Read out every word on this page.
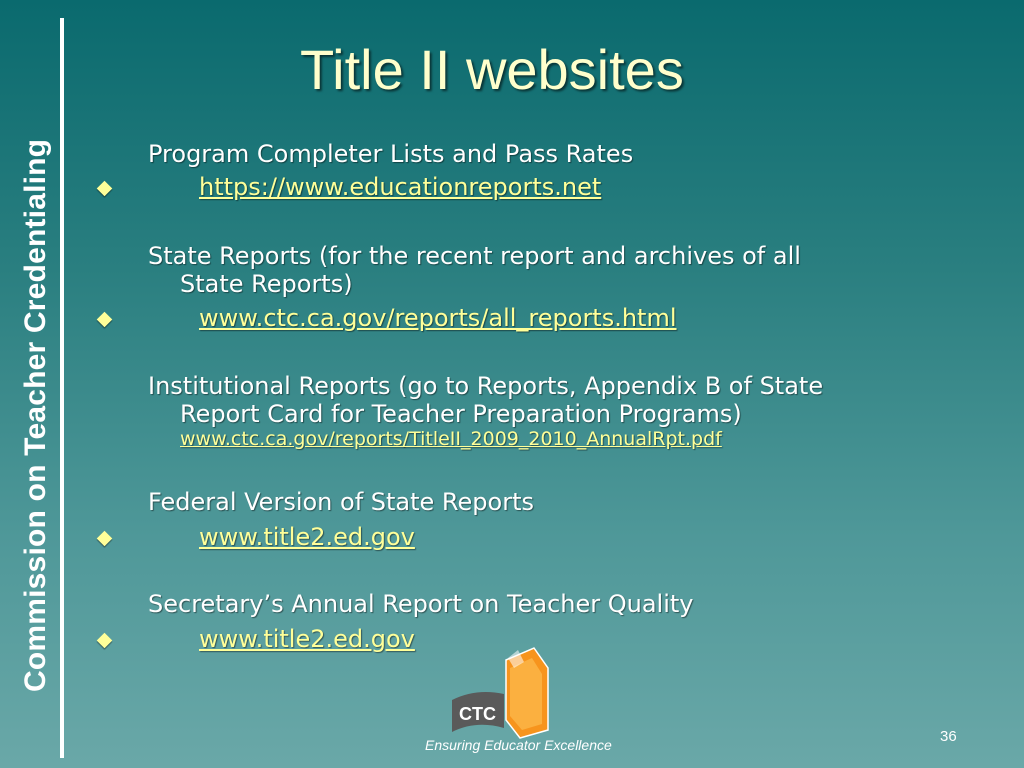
Commission on Teacher Credentialing
Title II websites
Program Completer Lists and Pass Rates
https://www.educationreports.net
State Reports (for the recent report and archives of all
State Reports)
www.ctc.ca.gov/reports/all_reports.html
Institutional Reports (go to Reports, Appendix B of State
Report Card for Teacher Preparation Programs)
www.ctc.ca.gov/reports/TitleII_2009_2010_AnnualRpt.pdf
Federal Version of State Reports
www.title2.ed.gov
Secretary’s Annual Report on Teacher Quality
www.title2.ed.gov
CTC
Ensuring Educator Excellence	36
